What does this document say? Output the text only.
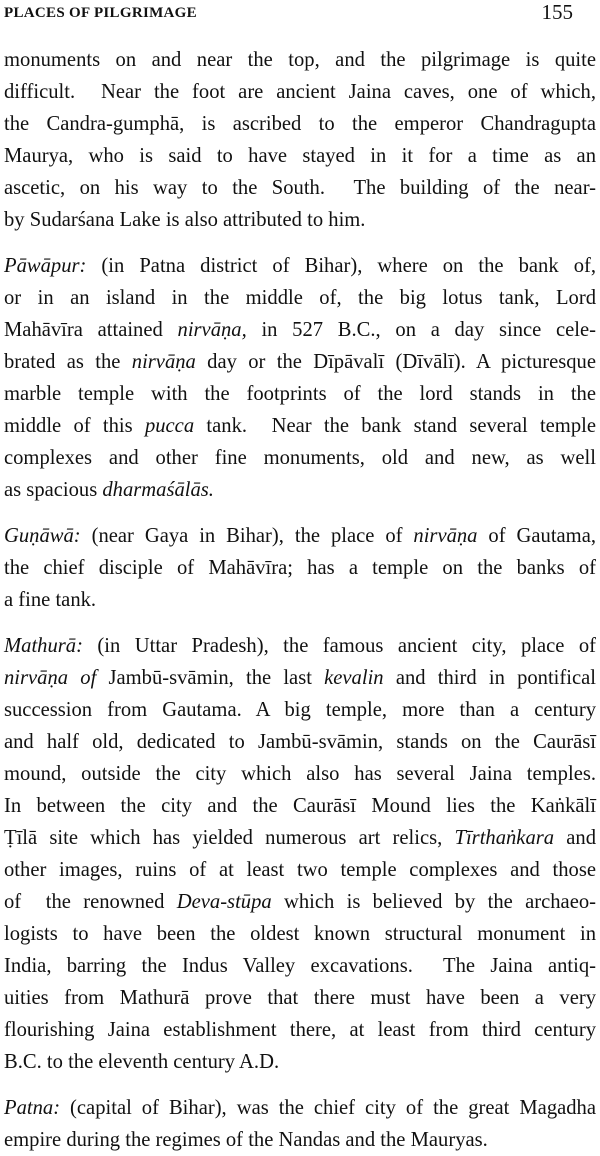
PLACES OF PILGRIMAGE	155
monuments on and near the top, and the pilgrimage is quite
difficult.  Near the foot are ancient Jaina caves, one of which,
the Candra-gumphā, is ascribed to the emperor Chandragupta
Maurya, who is said to have stayed in it for a time as an
ascetic, on his way to the South.  The building of the near-
by Sudarśana Lake is also attributed to him.
Pāwāpur: (in Patna district of Bihar), where on the bank of,
or in an island in the middle of, the big lotus tank, Lord
Mahāvīra attained nirvāṇa, in 527 B.C., on a day since cele-
brated as the nirvāṇa day or the Dīpāvalī (Dīvālī). A picturesque
marble temple with the footprints of the lord stands in the
middle of this pucca tank.  Near the bank stand several temple
complexes and other fine monuments, old and new, as well
as spacious dharmaśālās.
Guṇāwā: (near Gaya in Bihar), the place of nirvāṇa of Gautama,
the chief disciple of Mahāvīra; has a temple on the banks of
a fine tank.
Mathurā: (in Uttar Pradesh), the famous ancient city, place of
nirvāṇa of Jambū-svāmin, the last kevalin and third in pontifical
succession from Gautama. A big temple, more than a century
and half old, dedicated to Jambū-svāmin, stands on the Caurāsī
mound, outside the city which also has several Jaina temples.
In between the city and the Caurāsī Mound lies the Kaṅkālī
Ṭīlā site which has yielded numerous art relics, Tīrthaṅkara and
other images, ruins of at least two temple complexes and those
of  the renowned Deva-stūpa which is believed by the archaeo-
logists to have been the oldest known structural monument in
India, barring the Indus Valley excavations.  The Jaina antiq-
uities from Mathurā prove that there must have been a very
flourishing Jaina establishment there, at least from third century
B.C. to the eleventh century A.D.
Patna: (capital of Bihar), was the chief city of the great Magadha
empire during the regimes of the Nandas and the Mauryas.
